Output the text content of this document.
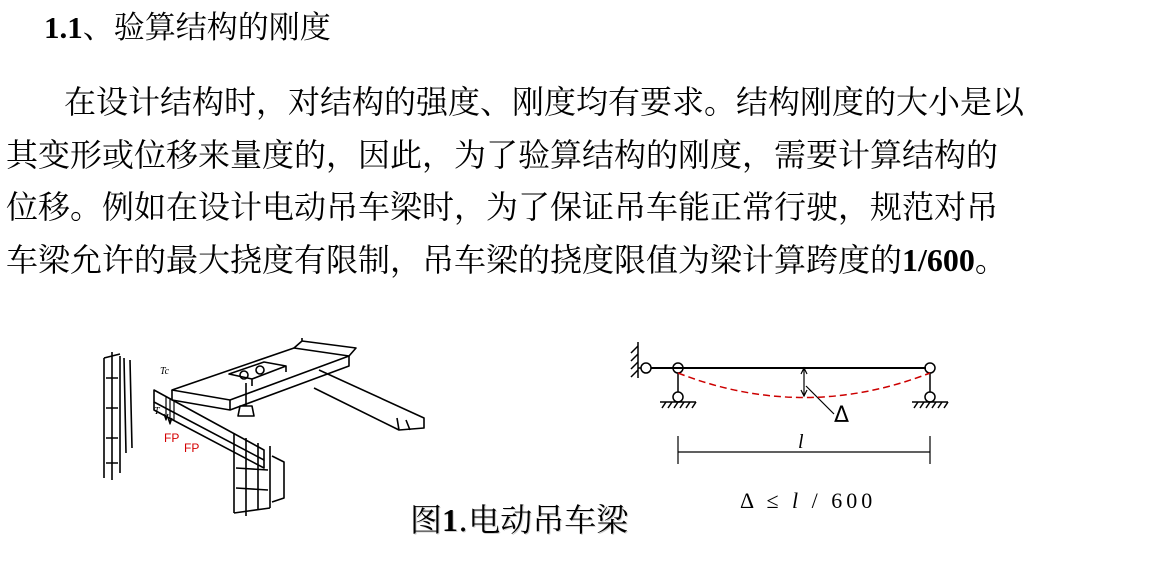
1.1、验算结构的刚度
在设计结构时，对结构的强度、刚度均有要求。结构刚度的大小是以
其变形或位移来量度的，因此，为了验算结构的刚度，需要计算结构的
位移。例如在设计电动吊车梁时，为了保证吊车能正常行驶，规范对吊
车梁允许的最大挠度有限制，吊车梁的挠度限值为梁计算跨度的1/600。
Tc
T
FP
FP
Δ
l
Δ ≤ l / 600
图1.电动吊车梁
